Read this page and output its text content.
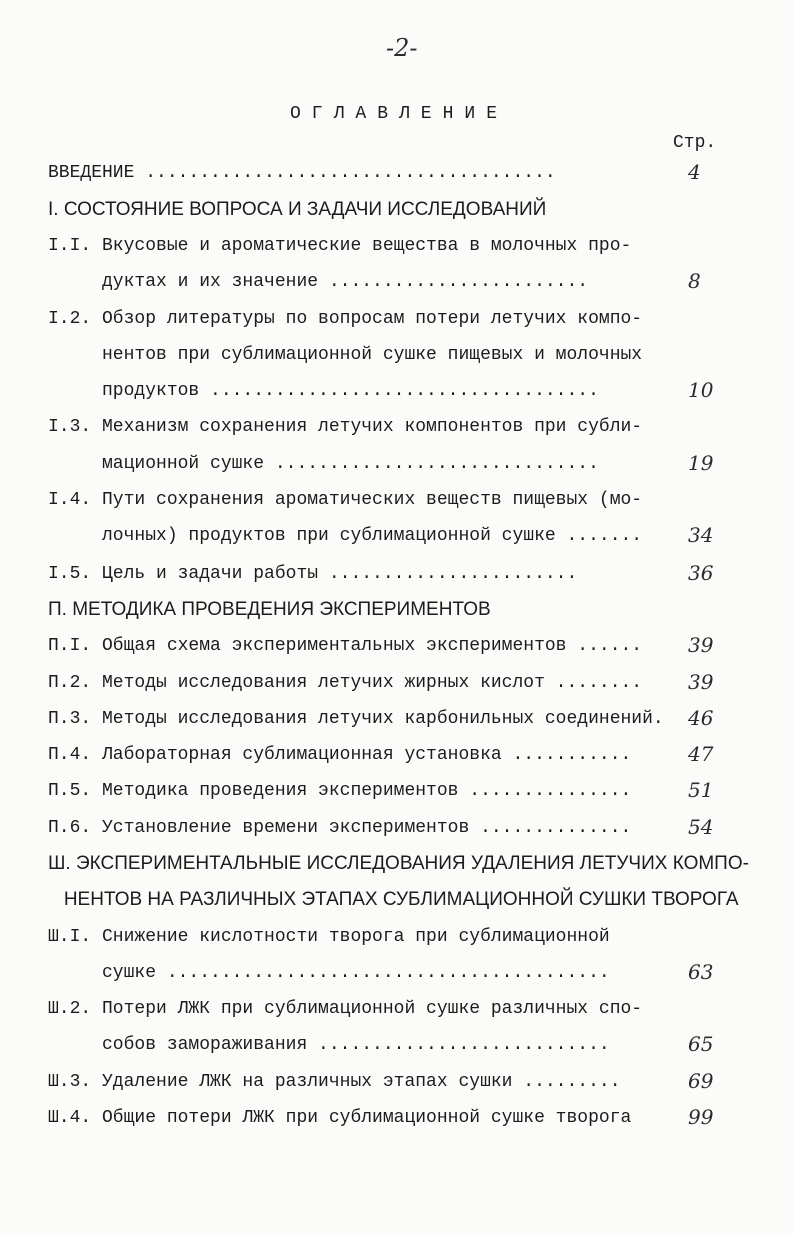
-2-
ОГЛАВЛЕНИЕ
Стр.
ВВЕДЕНИЕ ......................................	4
I. СОСТОЯНИЕ ВОПРОСА И ЗАДАЧИ ИССЛЕДОВАНИЙ
I.I. Вкусовые и ароматические вещества в молочных про-
дуктах и их значение ........................	8
I.2. Обзор литературы по вопросам потери летучих компо-
нентов при сублимационной сушке пищевых и молочных
продуктов ....................................	10
I.3. Механизм сохранения летучих компонентов при субли-
мационной сушке ..............................	19
I.4. Пути сохранения ароматических веществ пищевых (мо-
лочных) продуктов при сублимационной сушке ....... 34
I.5. Цель и задачи работы .......................	36
П. МЕТОДИКА ПРОВЕДЕНИЯ ЭКСПЕРИМЕНТОВ
П.I. Общая схема экспериментальных экспериментов ...... 39
П.2. Методы исследования летучих жирных кислот ........ 39
П.3. Методы исследования летучих карбонильных соединений. 46
П.4. Лабораторная сублимационная установка ...........	47
П.5. Методика проведения экспериментов ...............	51
П.6. Установление времени экспериментов ..............	54
Ш. ЭКСПЕРИМЕНТАЛЬНЫЕ ИССЛЕДОВАНИЯ УДАЛЕНИЯ ЛЕТУЧИХ КОМПО-
НЕНТОВ НА РАЗЛИЧНЫХ ЭТАПАХ СУБЛИМАЦИОННОЙ СУШКИ ТВОРОГА
Ш.I. Снижение кислотности творога при сублимационной
сушке .........................................	63
Ш.2. Потери ЛЖК при сублимационной сушке различных спо-
собов замораживания ...........................	65
Ш.3. Удаление ЛЖК на различных этапах сушки .........	69
Ш.4. Общие потери ЛЖК при сублимационной сушке творога	99
